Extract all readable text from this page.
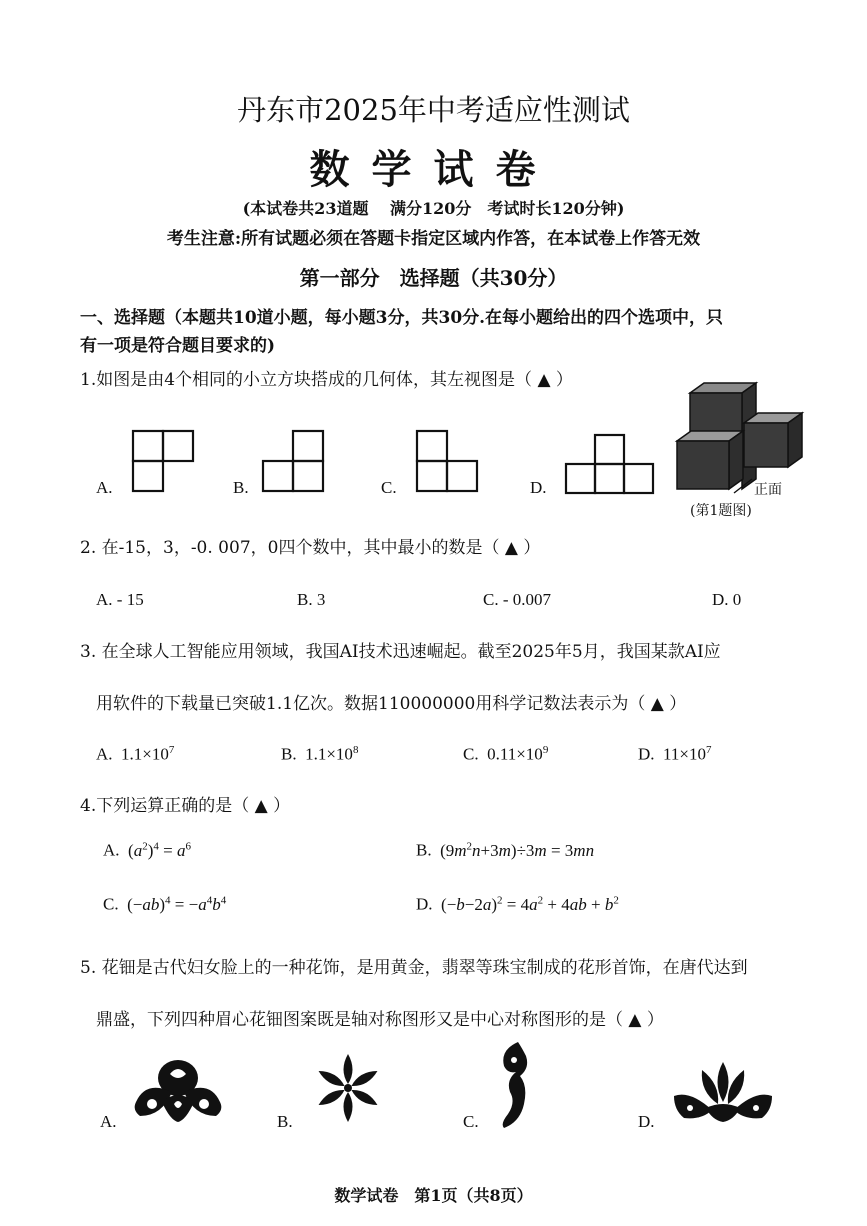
丹东市2025年中考适应性测试
数学试卷
(本试卷共23道题　 满分120分　考试时长120分钟)
考生注意:所有试题必须在答题卡指定区域内作答，在本试卷上作答无效
第一部分　选择题（共30分）
一、选择题（本题共10道小题，每小题3分，共30分.在每小题给出的四个选项中，只
有一项是符合题目要求的)
1.如图是由4个相同的小立方块搭成的几何体，其左视图是（ ▲ ）
A.	B.	C.	D.	正面
(第1题图)
2. 在-15，3，-0. 007，0四个数中，其中最小的数是（ ▲ ）
A. - 15	B. 3	C. - 0.007	D. 0
3. 在全球人工智能应用领域，我国AI技术迅速崛起。截至2025年5月，我国某款AI应
用软件的下载量已突破1.1亿次。数据110000000用科学记数法表示为（ ▲ ）
A. $1.1\times 10^7$	B. $1.1\times 10^8$	C. $0.11\times 10^9$	D. $11\times 10^7$
4.下列运算正确的是（ ▲ ）
A. $(a^2)^4 = a^6$	B. $(9m^2n+3m)\div 3m = 3mn$
C. $(-ab)^4 = -a^4b^4$	D. $(-b-2a)^2 = 4a^2 + 4ab + b^2$
5. 花钿是古代妇女脸上的一种花饰，是用黄金，翡翠等珠宝制成的花形首饰，在唐代达到
鼎盛，下列四种眉心花钿图案既是轴对称图形又是中心对称图形的是（ ▲ ）
A.	B.	C.	D.
数学试卷　第1页（共8页）
